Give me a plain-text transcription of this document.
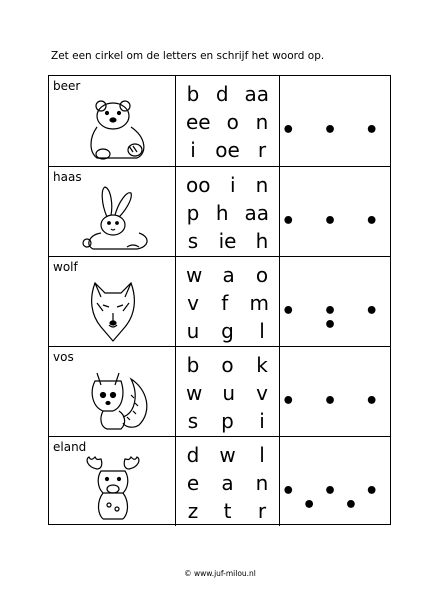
Zet een cirkel om de letters en schrijf het woord op.
beer	b d aa
ee o n
i oe r
• • •
haas	oo i n
p h aa
s ie h
• • •
wolf	w a o
v f m
u g l
• • • •
vos	b o k
w u v
s p i
• • •
eland	d w l
e a n
z t r
• • • • •
© www.juf-milou.nl
